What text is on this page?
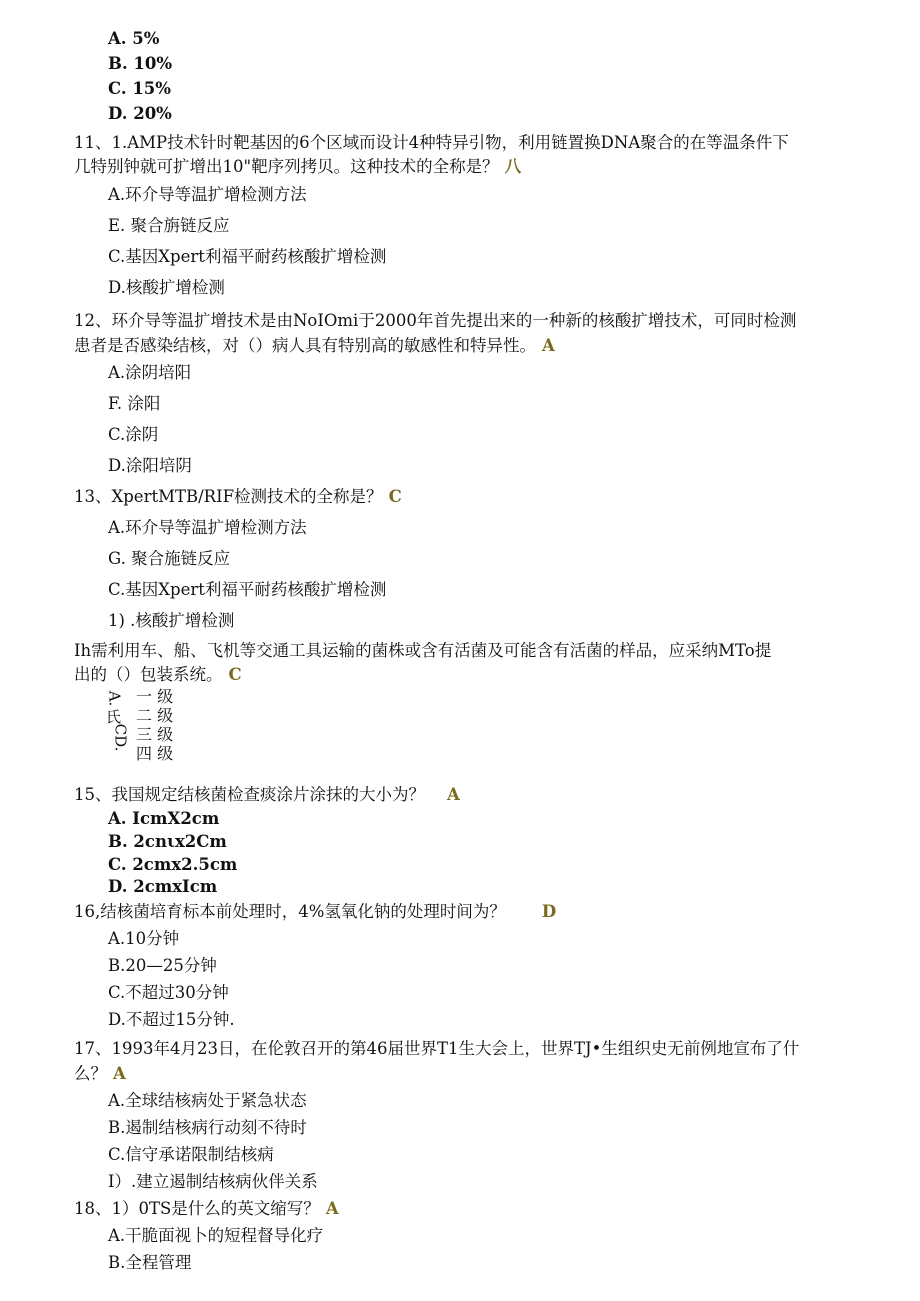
A. 5%
B. 10%
C. 15%
D. 20%
11、1.AMP技术针时靶基因的6个区域而设计4种特异引物，利用链置换DNA聚合的在等温条件下
几特别钟就可扩增出10"靶序列拷贝。这种技术的全称是？ 八
A.环介导等温扩增检测方法
E. 聚合旃链反应
C.基因Xpert利福平耐药核酸扩增检测
D.核酸扩增检测
12、环介导等温扩增技术是由NoIOmi于2000年首先提出来的一种新的核酸扩增技术，可同时检测
患者是否感染结核，对（）病人具有特别高的敏感性和特异性。 A
A.涂阴培阳
F. 涂阳
C.涂阴
D.涂阳培阴
13、XpertMTB/RIF检测技术的全称是？ C
A.环介导等温扩增检测方法
G. 聚合施链反应
C.基因Xpert利福平耐药核酸扩增检测
1) .核酸扩增检测
Ih需利用车、船、飞机等交通工具运输的菌株或含有活菌及可能含有活菌的样品，应采纳MTo提
出的（）包装系统。 C
A.
氏
CD.
一 级
二 级
三 级
四 级
15、我国规定结核菌检查痰涂片涂抹的大小为？ A
A. IcmX2cm
B. 2cnιx2Cm
C. 2cmx2.5cm
D. 2cmxIcm
16,结核菌培育标本前处理时，4%氢氧化钠的处理时间为？ D
A.10分钟
B.20—25分钟
C.不超过30分钟
D.不超过15分钟.
17、1993年4月23日，在伦敦召开的第46届世界T1生大会上，世界TJ•生组织史无前例地宣布了什
么？ A
A.全球结核病处于紧急状态
B.遏制结核病行动刻不待时
C.信守承诺限制结核病
I）.建立遏制结核病伙伴关系
18、1）0TS是什么的英文缩写？ A
A.干脆面视卜的短程督导化疗
B.全程管理
